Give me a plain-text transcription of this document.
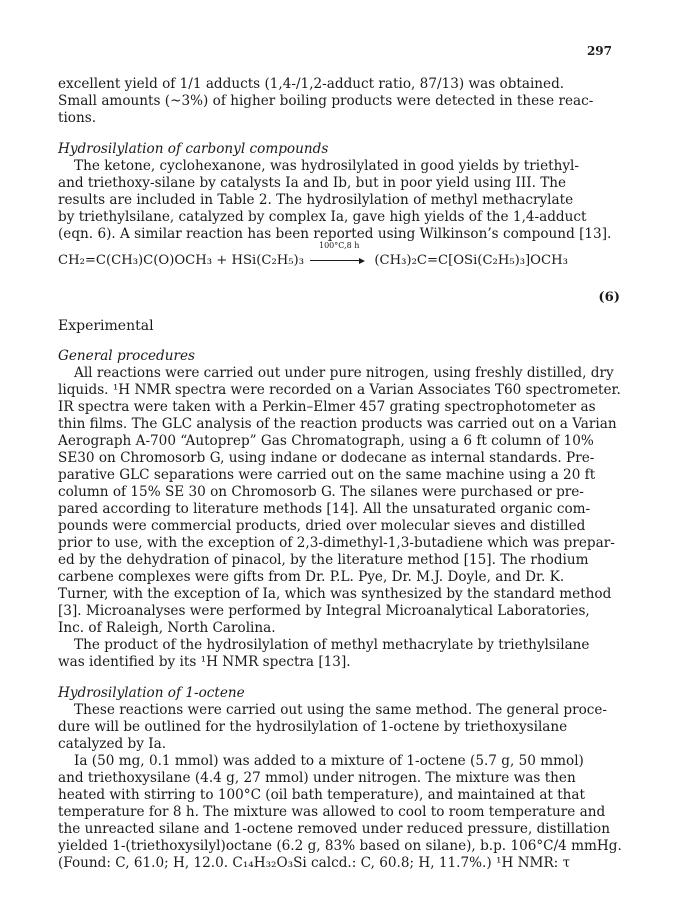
297
excellent yield of 1/1 adducts (1,4-/1,2-adduct ratio, 87/13) was obtained.
Small amounts (~3%) of higher boiling products were detected in these reac-
tions.
Hydrosilylation of carbonyl compounds
The ketone, cyclohexanone, was hydrosilylated in good yields by triethyl-
and triethoxy-silane by catalysts Ia and Ib, but in poor yield using III. The
results are included in Table 2. The hydrosilylation of methyl methacrylate
by triethylsilane, catalyzed by complex Ia, gave high yields of the 1,4-adduct
(eqn. 6). A similar reaction has been reported using Wilkinson’s compound [13].
CH₂=C(CH₃)C(O)OCH₃ + HSi(C₂H₅)₃
100°C,8 h
(CH₃)₂C=C[OSi(C₂H₅)₃]OCH₃
(6)
Experimental
General procedures
All reactions were carried out under pure nitrogen, using freshly distilled, dry
liquids. ¹H NMR spectra were recorded on a Varian Associates T60 spectrometer.
IR spectra were taken with a Perkin–Elmer 457 grating spectrophotometer as
thin films. The GLC analysis of the reaction products was carried out on a Varian
Aerograph A-700 “Autoprep” Gas Chromatograph, using a 6 ft column of 10%
SE30 on Chromosorb G, using indane or dodecane as internal standards. Pre-
parative GLC separations were carried out on the same machine using a 20 ft
column of 15% SE 30 on Chromosorb G. The silanes were purchased or pre-
pared according to literature methods [14]. All the unsaturated organic com-
pounds were commercial products, dried over molecular sieves and distilled
prior to use, with the exception of 2,3-dimethyl-1,3-butadiene which was prepar-
ed by the dehydration of pinacol, by the literature method [15]. The rhodium
carbene complexes were gifts from Dr. P.L. Pye, Dr. M.J. Doyle, and Dr. K.
Turner, with the exception of Ia, which was synthesized by the standard method
[3]. Microanalyses were performed by Integral Microanalytical Laboratories,
Inc. of Raleigh, North Carolina.
The product of the hydrosilylation of methyl methacrylate by triethylsilane
was identified by its ¹H NMR spectra [13].
Hydrosilylation of 1-octene
These reactions were carried out using the same method. The general proce-
dure will be outlined for the hydrosilylation of 1-octene by triethoxysilane
catalyzed by Ia.
Ia (50 mg, 0.1 mmol) was added to a mixture of 1-octene (5.7 g, 50 mmol)
and triethoxysilane (4.4 g, 27 mmol) under nitrogen. The mixture was then
heated with stirring to 100°C (oil bath temperature), and maintained at that
temperature for 8 h. The mixture was allowed to cool to room temperature and
the unreacted silane and 1-octene removed under reduced pressure, distillation
yielded 1-(triethoxysilyl)octane (6.2 g, 83% based on silane), b.p. 106°C/4 mmHg.
(Found: C, 61.0; H, 12.0. C₁₄H₃₂O₃Si calcd.: C, 60.8; H, 11.7%.) ¹H NMR: τ
